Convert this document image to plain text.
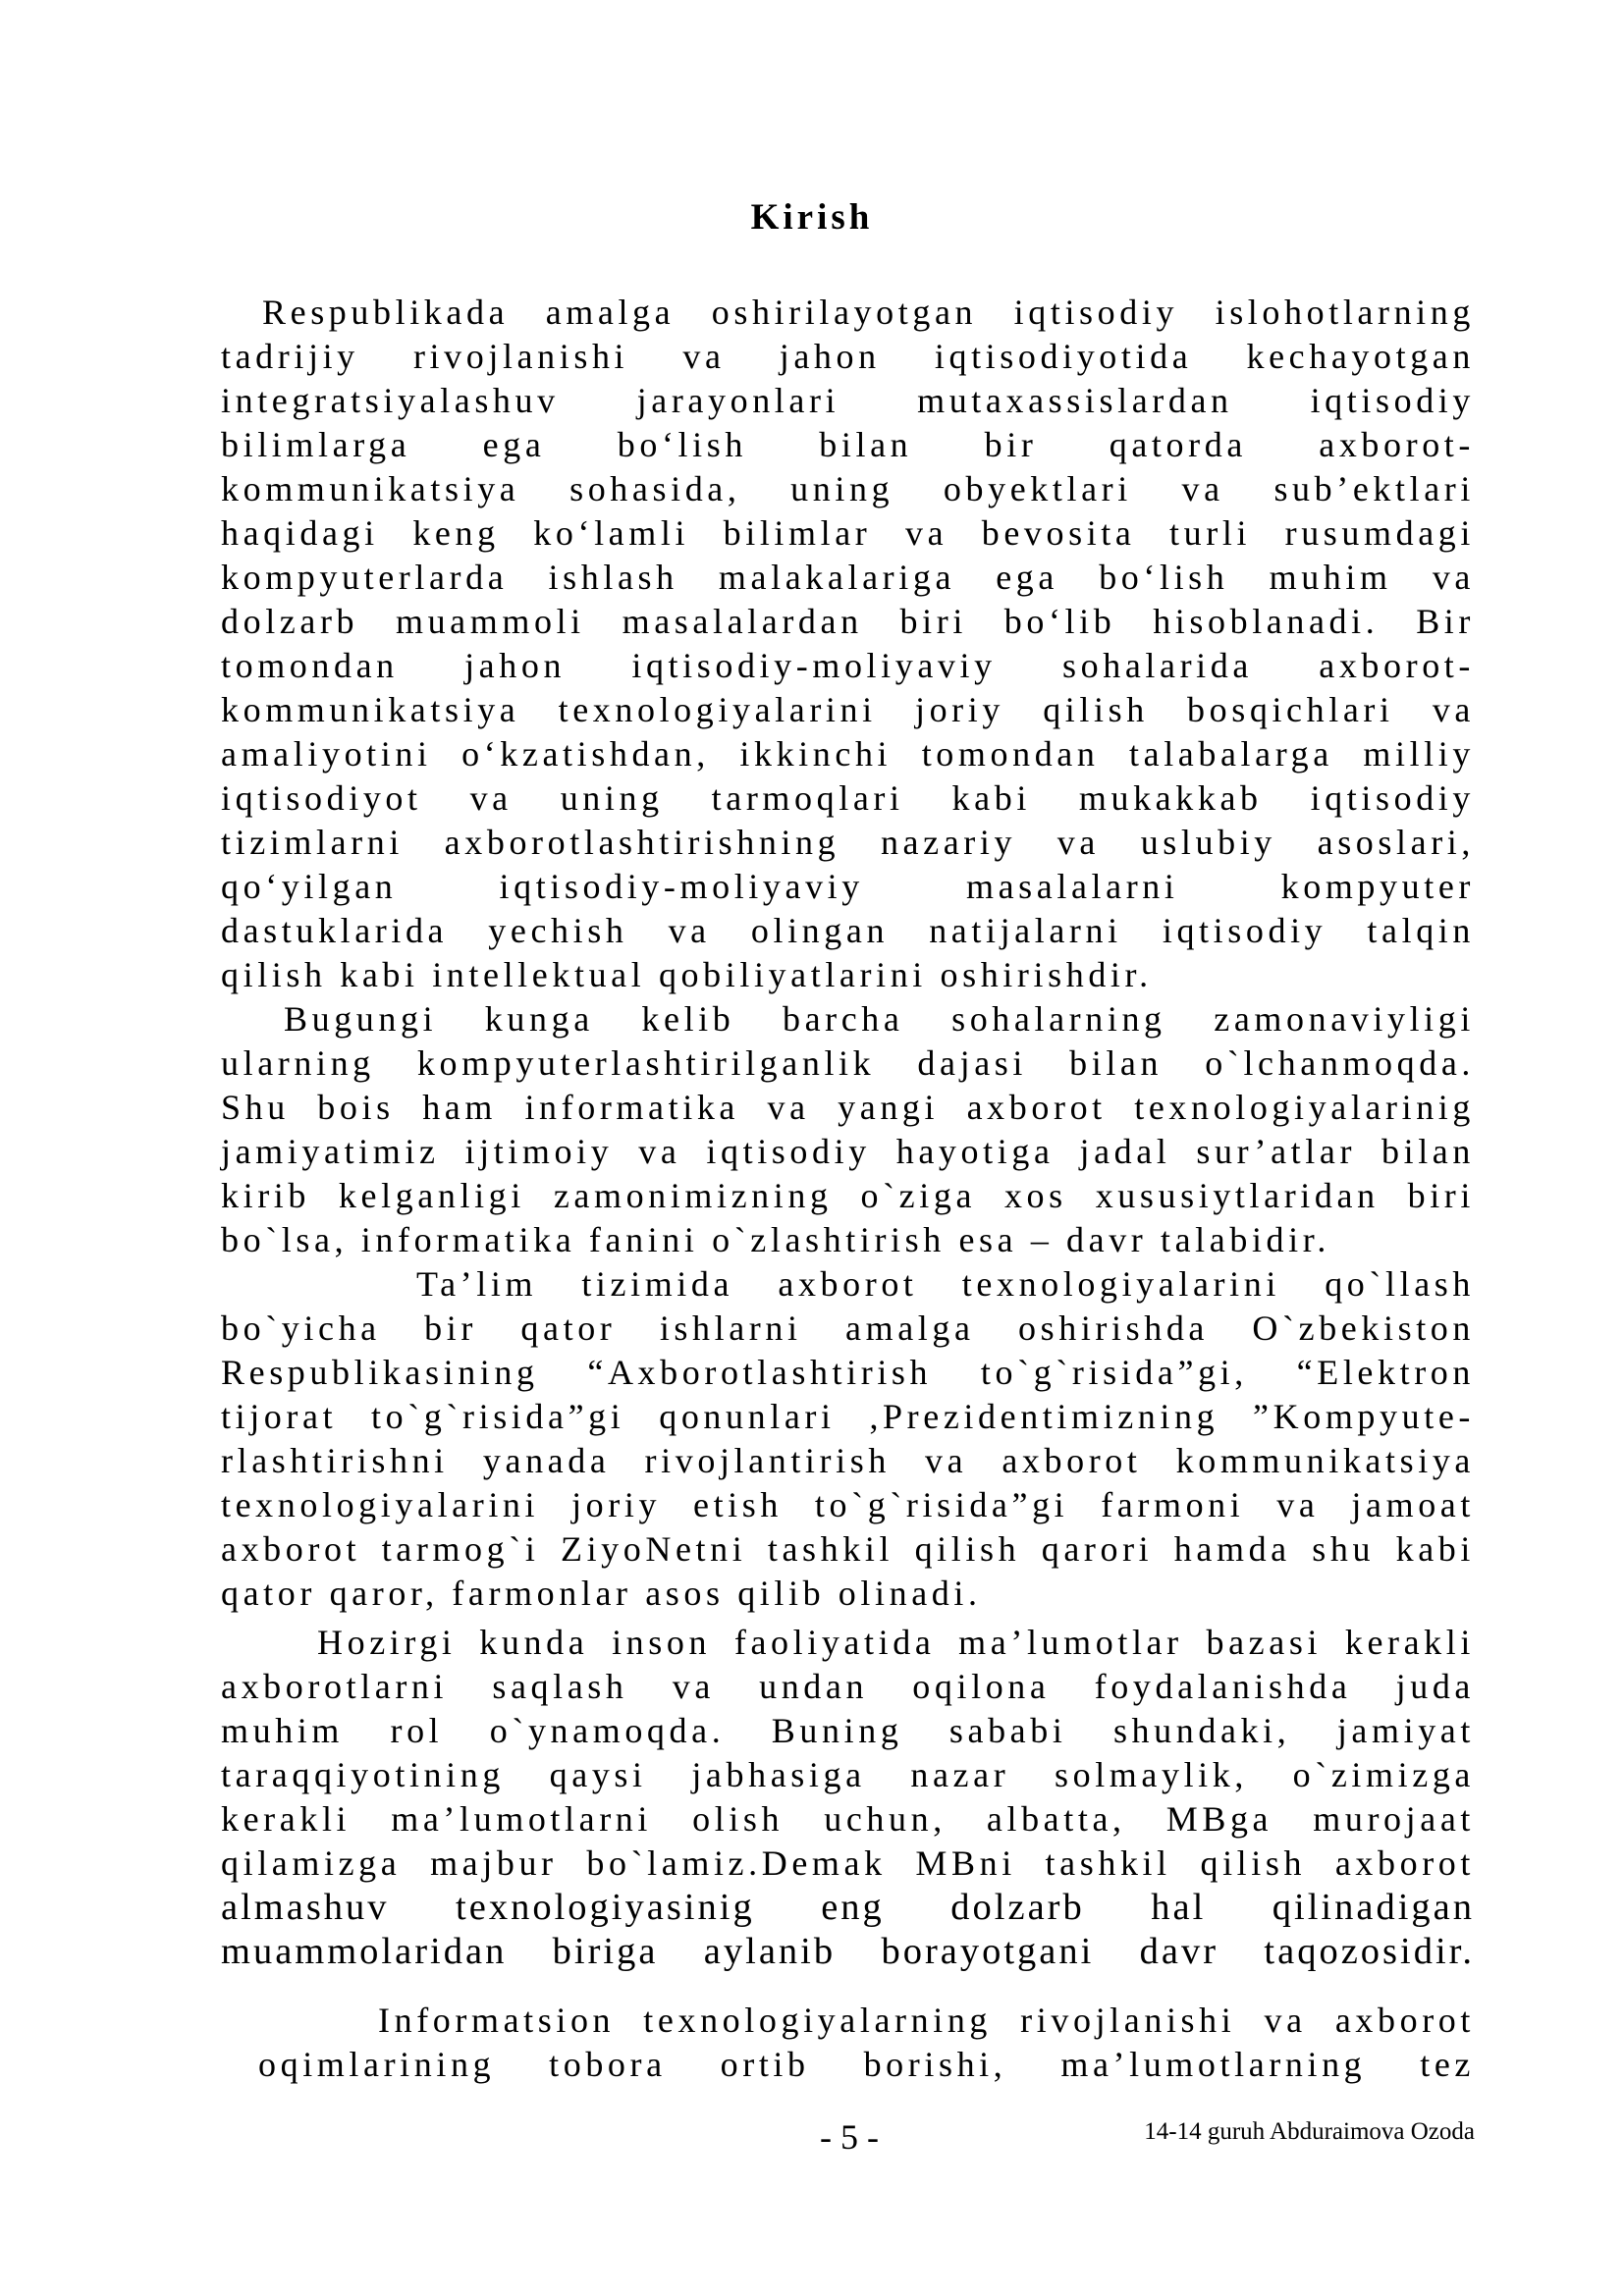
Kirish
Respublikada amalga oshirilayotgan iqtisodiy islohotlarning
tadrijiy rivojlanishi va jahon iqtisodiyotida kechayotgan
integratsiyalashuv jarayonlari mutaxassislardan iqtisodiy
bilimlarga ega bo‘lish bilan bir qatorda axborot-
kommunikatsiya sohasida, uning obyektlari va sub’ektlari
haqidagi keng ko‘lamli bilimlar va bevosita turli rusumdagi
kompyuterlarda ishlash malakalariga ega bo‘lish muhim va
dolzarb muammoli masalalardan biri bo‘lib hisoblanadi. Bir
tomondan jahon iqtisodiy-moliyaviy sohalarida axborot-
kommunikatsiya texnologiyalarini joriy qilish bosqichlari va
amaliyotini o‘kzatishdan, ikkinchi tomondan talabalarga milliy
iqtisodiyot va uning tarmoqlari kabi mukakkab iqtisodiy
tizimlarni axborotlashtirishning nazariy va uslubiy asoslari,
qo‘yilgan iqtisodiy-moliyaviy masalalarni kompyuter
dastuklarida yechish va olingan natijalarni iqtisodiy talqin
qilish kabi intellektual qobiliyatlarini oshirishdir.
Bugungi kunga kelib barcha sohalarning zamonaviyligi
ularning kompyuterlashtirilganlik dajasi bilan o`lchanmoqda.
Shu bois ham informatika va yangi axborot texnologiyalarinig
jamiyatimiz ijtimoiy va iqtisodiy hayotiga jadal sur’atlar bilan
kirib kelganligi zamonimizning o`ziga xos xususiytlaridan biri
bo`lsa, informatika fanini o`zlashtirish esa – davr talabidir.
Ta’lim tizimida axborot texnologiyalarini qo`llash
bo`yicha bir qator ishlarni amalga oshirishda O`zbekiston
Respublikasining “Axborotlashtirish to`g`risida”gi, “Elektron
tijorat to`g`risida”gi qonunlari ,Prezidentimizning ”Kompyute-
rlashtirishni yanada rivojlantirish va axborot kommunikatsiya
texnologiyalarini joriy etish to`g`risida”gi farmoni va jamoat
axborot tarmog`i ZiyoNetni tashkil qilish qarori hamda shu kabi
qator qaror, farmonlar asos qilib olinadi.
Hozirgi kunda inson faoliyatida ma’lumotlar bazasi kerakli
axborotlarni saqlash va undan oqilona foydalanishda juda
muhim rol o`ynamoqda. Buning sababi shundaki, jamiyat
taraqqiyotining qaysi jabhasiga nazar solmaylik, o`zimizga
kerakli ma’lumotlarni olish uchun, albatta, MBga murojaat
qilamizga majbur bo`lamiz.Demak MBni tashkil qilish axborot
almashuv texnologiyasinig eng dolzarb hal qilinadigan
muammolaridan biriga aylanib borayotgani davr taqozosidir.
Informatsion texnologiyalarning rivojlanishi va axborot
oqimlarining tobora ortib borishi, ma’lumotlarning tez
- 5 -	14-14 guruh Abduraimova Ozoda
